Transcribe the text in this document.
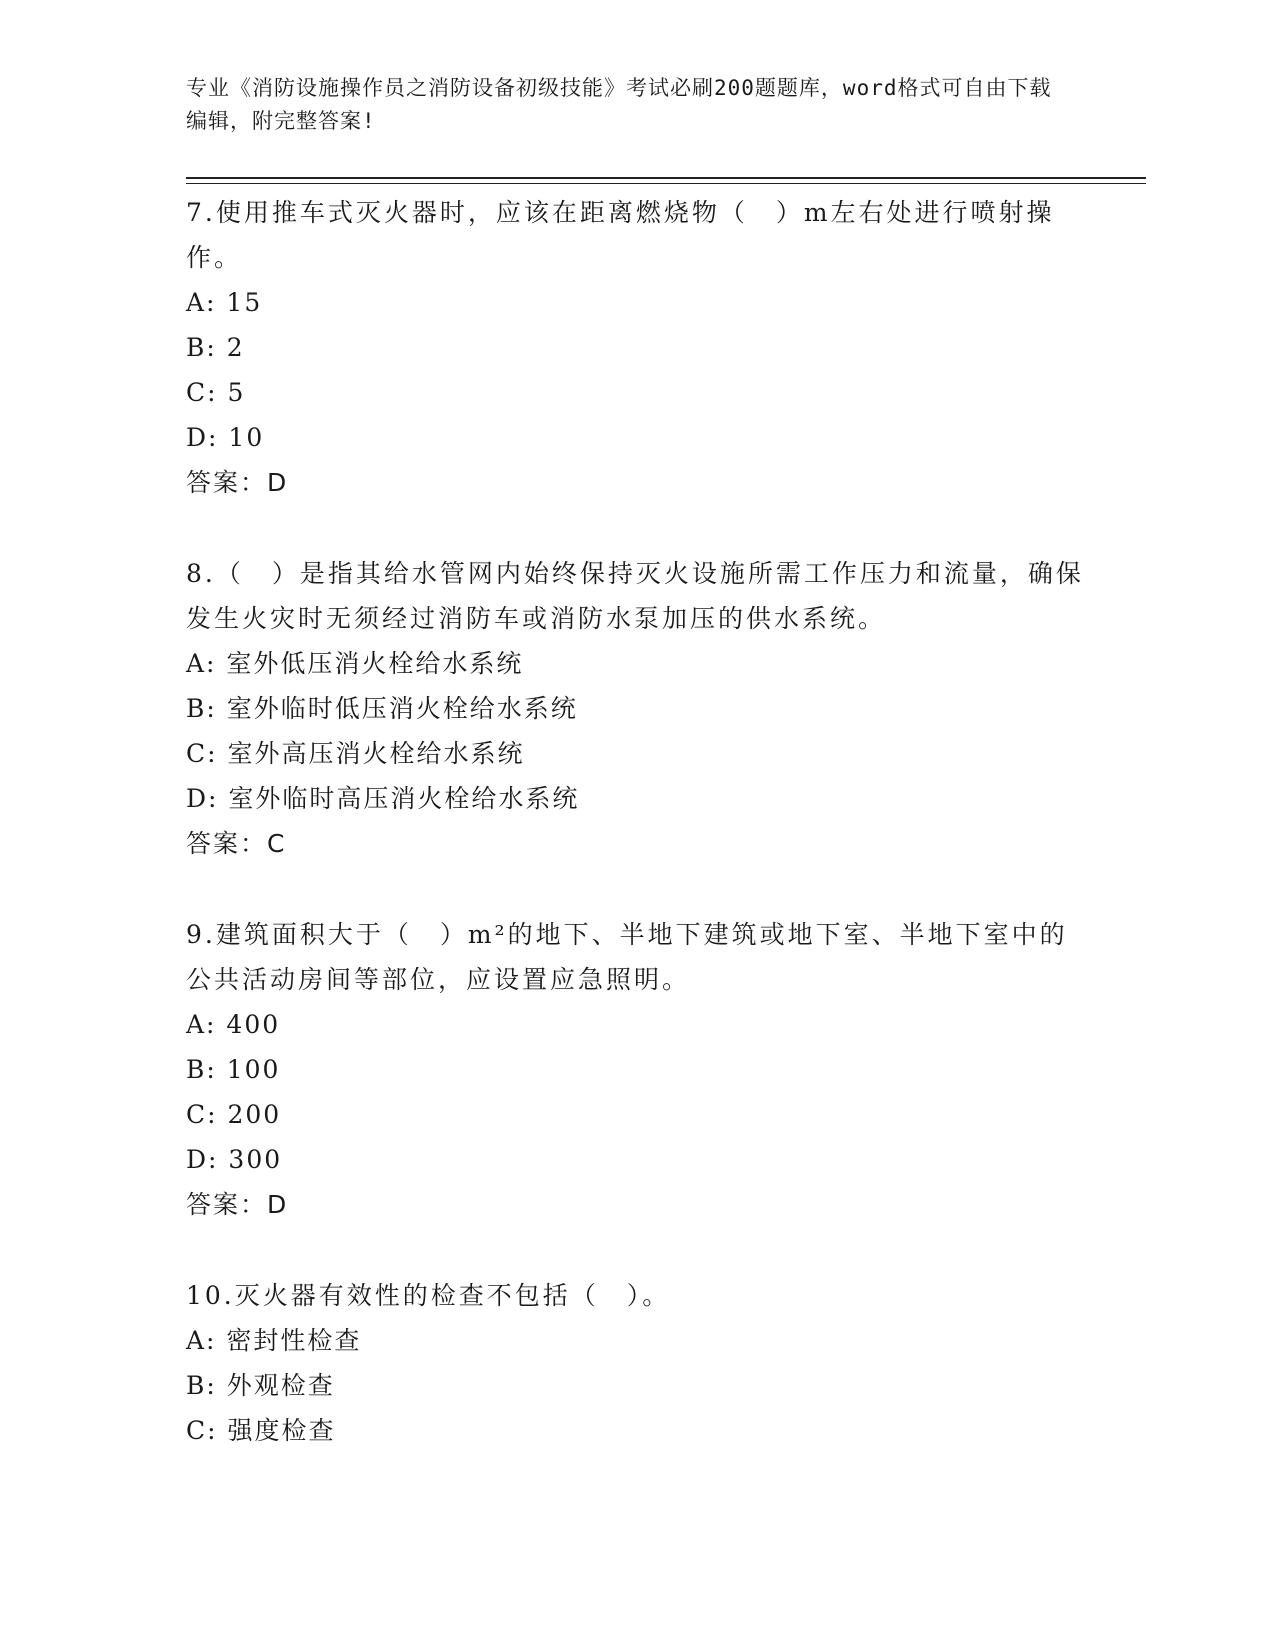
专业《消防设施操作员之消防设备初级技能》考试必刷200题题库，word格式可自由下载编辑，附完整答案!
7.使用推车式灭火器时，应该在距离燃烧物（　）m左右处进行喷射操作。
A: 15
B: 2
C: 5
D: 10
答案：D
8.（　）是指其给水管网内始终保持灭火设施所需工作压力和流量，确保发生火灾时无须经过消防车或消防水泵加压的供水系统。
A: 室外低压消火栓给水系统
B: 室外临时低压消火栓给水系统
C: 室外高压消火栓给水系统
D: 室外临时高压消火栓给水系统
答案：C
9.建筑面积大于（　）m²的地下、半地下建筑或地下室、半地下室中的公共活动房间等部位，应设置应急照明。
A: 400
B: 100
C: 200
D: 300
答案：D
10.灭火器有效性的检查不包括（　）。
A: 密封性检查
B: 外观检查
C: 强度检查
